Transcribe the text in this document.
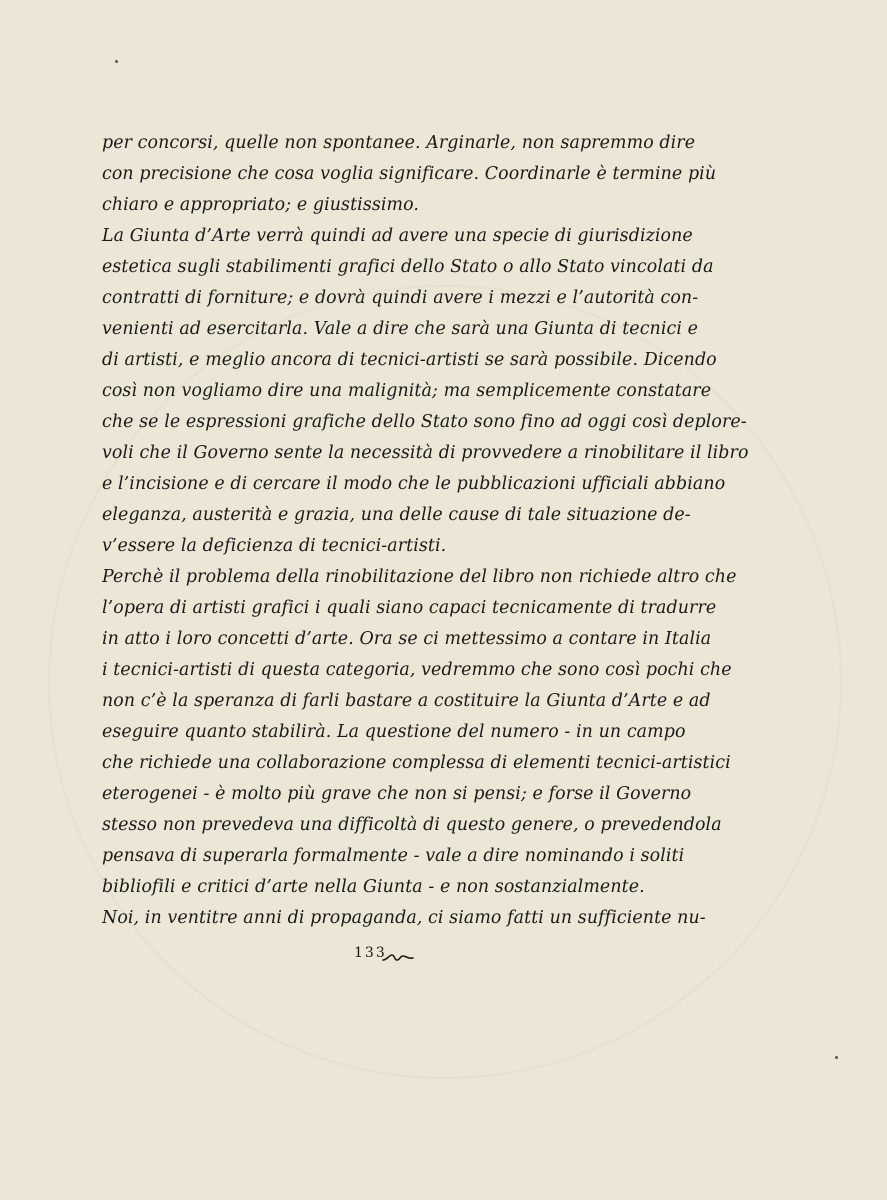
per concorsi, quelle non spontanee. Arginarle, non sapremmo dire
con precisione che cosa voglia significare. Coordinarle è termine più
chiaro e appropriato; e giustissimo.
La Giunta d’Arte verrà quindi ad avere una specie di giurisdizione
estetica sugli stabilimenti grafici dello Stato o allo Stato vincolati da
contratti di forniture; e dovrà quindi avere i mezzi e l’autorità con-
venienti ad esercitarla. Vale a dire che sarà una Giunta di tecnici e
di artisti, e meglio ancora di tecnici-artisti se sarà possibile. Dicendo
così non vogliamo dire una malignità; ma semplicemente constatare
che se le espressioni grafiche dello Stato sono fino ad oggi così deplore-
voli che il Governo sente la necessità di provvedere a rinobilitare il libro
e l’incisione e di cercare il modo che le pubblicazioni ufficiali abbiano
eleganza, austerità e grazia, una delle cause di tale situazione de-
v’essere la deficienza di tecnici-artisti.
Perchè il problema della rinobilitazione del libro non richiede altro che
l’opera di artisti grafici i quali siano capaci tecnicamente di tradurre
in atto i loro concetti d’arte. Ora se ci mettessimo a contare in Italia
i tecnici-artisti di questa categoria, vedremmo che sono così pochi che
non c’è la speranza di farli bastare a costituire la Giunta d’Arte e ad
eseguire quanto stabilirà. La questione del numero - in un campo
che richiede una collaborazione complessa di elementi tecnici-artistici
eterogenei - è molto più grave che non si pensi; e forse il Governo
stesso non prevedeva una difficoltà di questo genere, o prevedendola
pensava di superarla formalmente - vale a dire nominando i soliti
bibliofili e critici d’arte nella Giunta - e non sostanzialmente.
Noi, in ventitre anni di propaganda, ci siamo fatti un sufficiente nu-
133
